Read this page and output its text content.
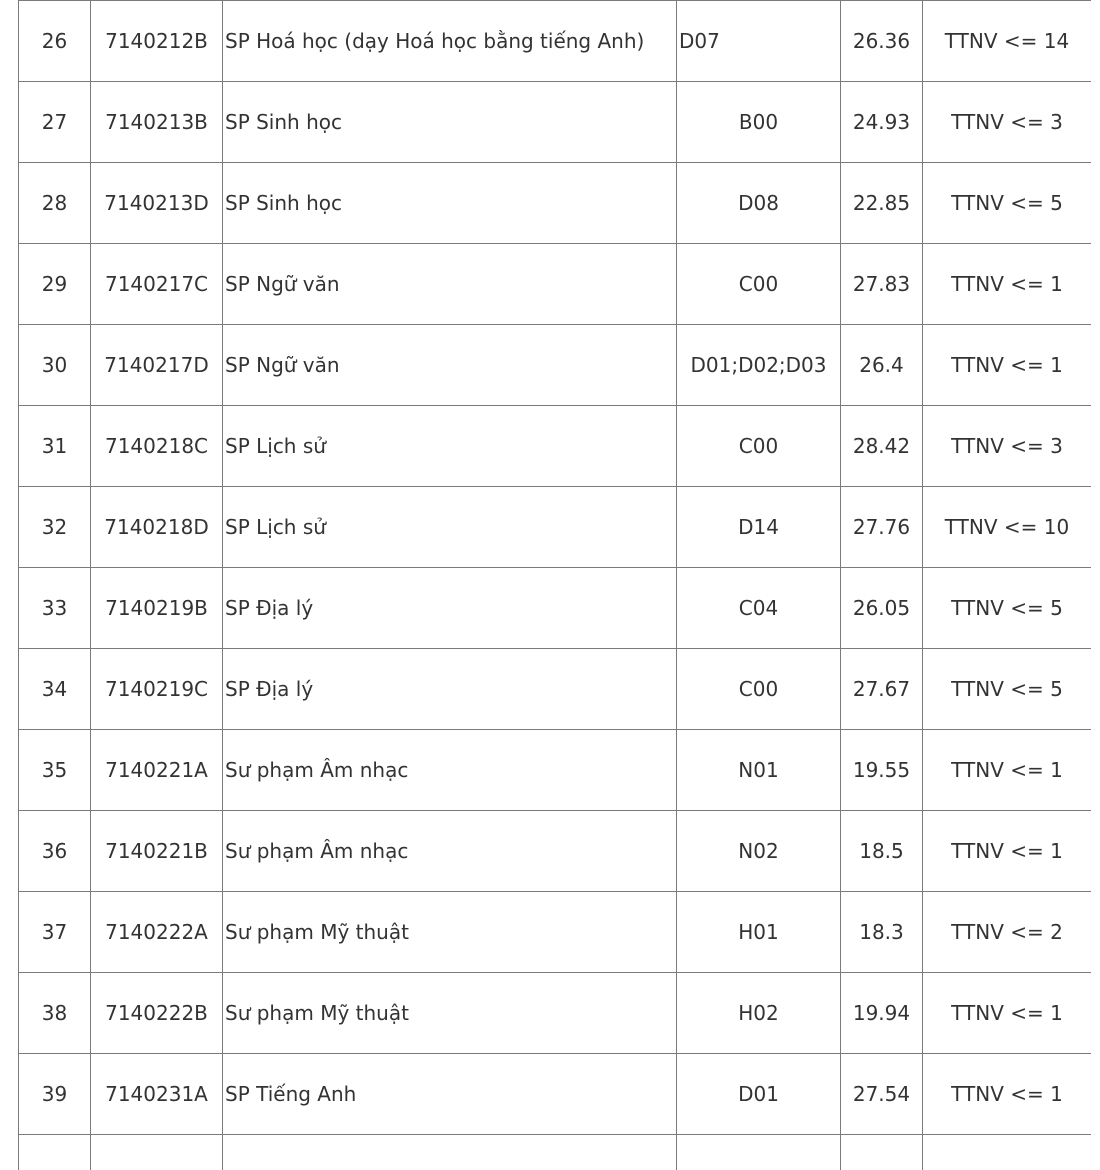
26	7140212B	SP Hoá học (dạy Hoá học bằng tiếng Anh)	D07	26.36	TTNV <= 14
27	7140213B	SP Sinh học	B00	24.93	TTNV <= 3
28	7140213D	SP Sinh học	D08	22.85	TTNV <= 5
29	7140217C	SP Ngữ văn	C00	27.83	TTNV <= 1
30	7140217D	SP Ngữ văn	D01;D02;D03	26.4	TTNV <= 1
31	7140218C	SP Lịch sử	C00	28.42	TTNV <= 3
32	7140218D	SP Lịch sử	D14	27.76	TTNV <= 10
33	7140219B	SP Địa lý	C04	26.05	TTNV <= 5
34	7140219C	SP Địa lý	C00	27.67	TTNV <= 5
35	7140221A	Sư phạm Âm nhạc	N01	19.55	TTNV <= 1
36	7140221B	Sư phạm Âm nhạc	N02	18.5	TTNV <= 1
37	7140222A	Sư phạm Mỹ thuật	H01	18.3	TTNV <= 2
38	7140222B	Sư phạm Mỹ thuật	H02	19.94	TTNV <= 1
39	7140231A	SP Tiếng Anh	D01	27.54	TTNV <= 1
